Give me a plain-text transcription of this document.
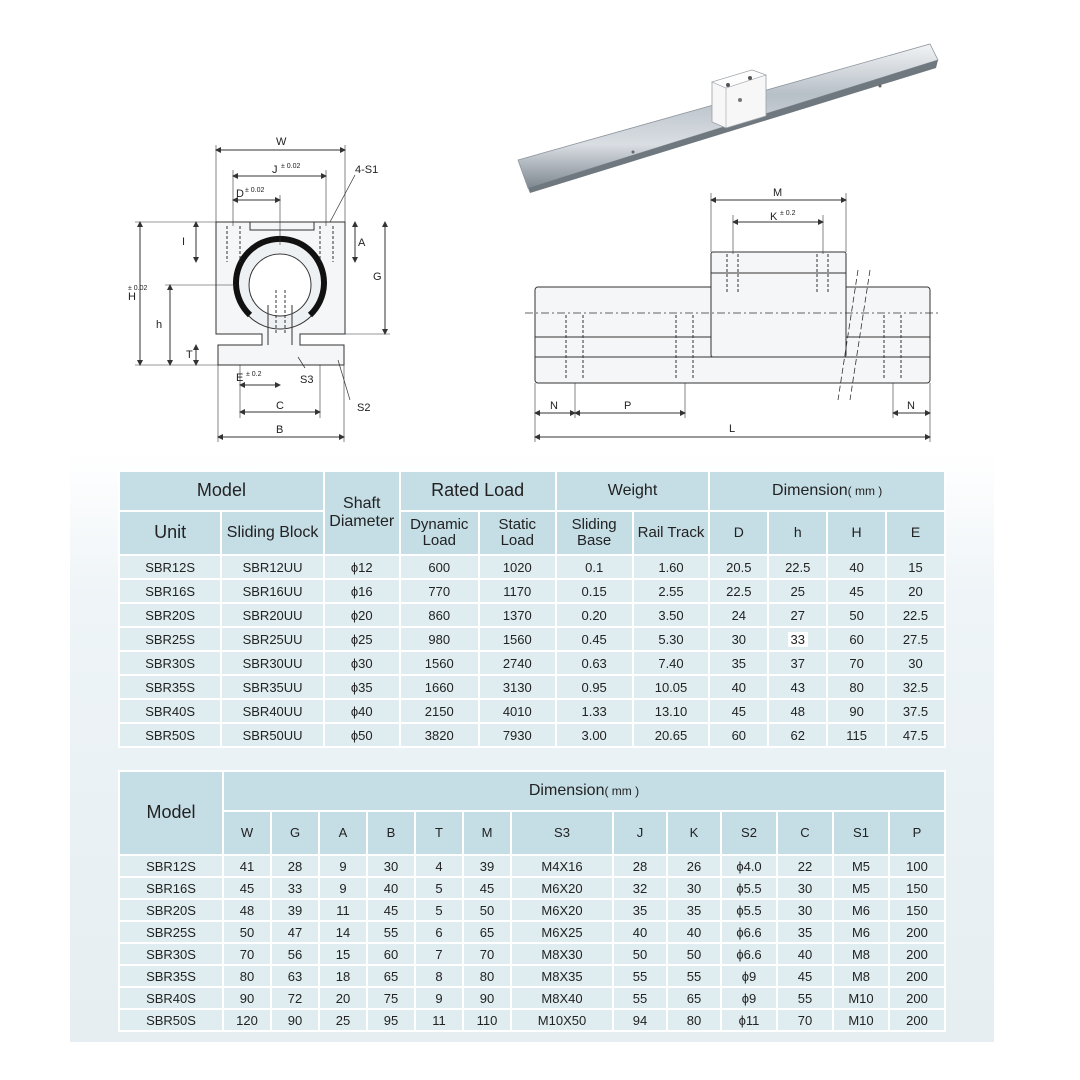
W
J ± 0.02	4-S1
D ± 0.02
I	A
G
H
± 0.02
h
T
E ± 0.2	S3
C	S2
B
M
K ± 0.2
N	P	N
L
Model		Shaft Diameter	Rated Load		Weight		Dimension( mm )			
Unit	Sliding Block		Dynamic Load	Static Load	Sliding Base	Rail Track	D	h	H	E
SBR12S	SBR12UU	ϕ12	600	1020	0.1	1.60	20.5	22.5	40	15
SBR16S	SBR16UU	ϕ16	770	1170	0.15	2.55	22.5	25	45	20
SBR20S	SBR20UU	ϕ20	860	1370	0.20	3.50	24	27	50	22.5
SBR25S	SBR25UU	ϕ25	980	1560	0.45	5.30	30	33	60	27.5
SBR30S	SBR30UU	ϕ30	1560	2740	0.63	7.40	35	37	70	30
SBR35S	SBR35UU	ϕ35	1660	3130	0.95	10.05	40	43	80	32.5
SBR40S	SBR40UU	ϕ40	2150	4010	1.33	13.10	45	48	90	37.5
SBR50S	SBR50UU	ϕ50	3820	7930	3.00	20.65	60	62	115	47.5
Model	Dimension( mm )												
	W	G	A	B	T	M	S3	J	K	S2	C	S1	P
SBR12S	41	28	9	30	4	39	M4X16	28	26	ϕ4.0	22	M5	100
SBR16S	45	33	9	40	5	45	M6X20	32	30	ϕ5.5	30	M5	150
SBR20S	48	39	11	45	5	50	M6X20	35	35	ϕ5.5	30	M6	150
SBR25S	50	47	14	55	6	65	M6X25	40	40	ϕ6.6	35	M6	200
SBR30S	70	56	15	60	7	70	M8X30	50	50	ϕ6.6	40	M8	200
SBR35S	80	63	18	65	8	80	M8X35	55	55	ϕ9	45	M8	200
SBR40S	90	72	20	75	9	90	M8X40	55	65	ϕ9	55	M10	200
SBR50S	120	90	25	95	11	110	M10X50	94	80	ϕ11	70	M10	200
